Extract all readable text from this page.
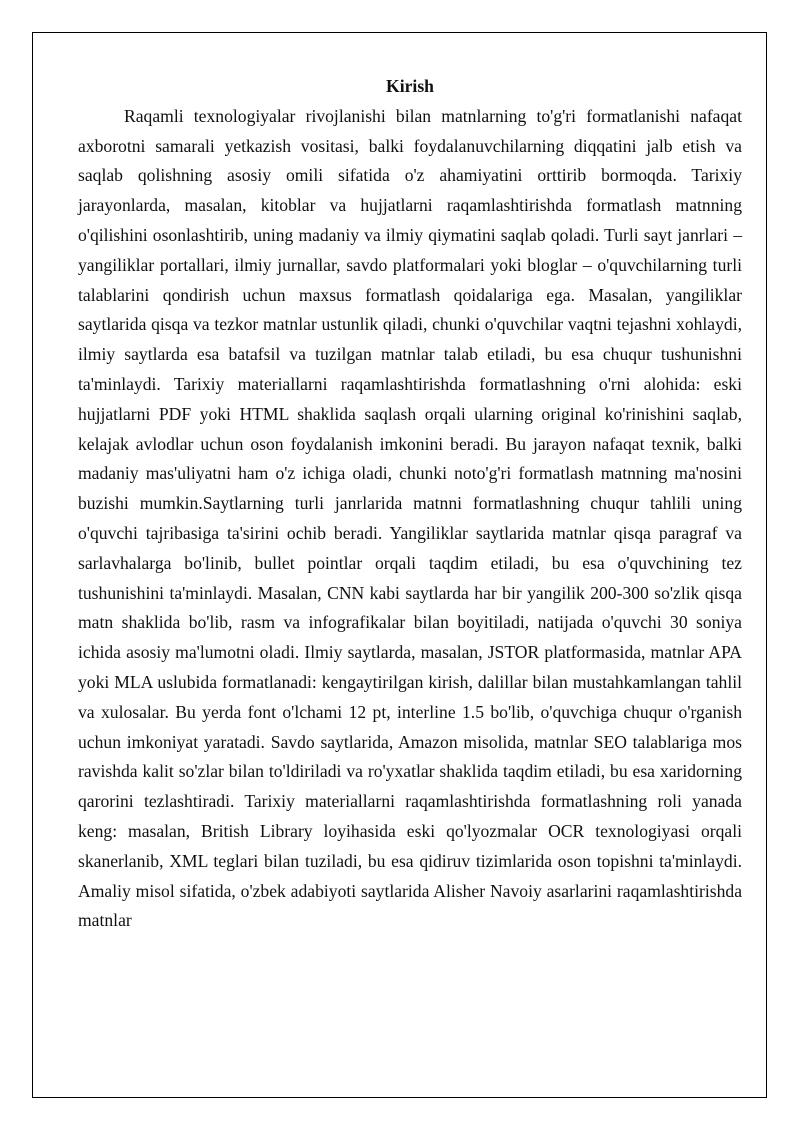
Kirish

Raqamli texnologiyalar rivojlanishi bilan matnlarning to'g'ri formatlanishi nafaqat axborotni samarali yetkazish vositasi, balki foydalanuvchilarning diqqatini jalb etish va saqlab qolishning asosiy omili sifatida o'z ahamiyatini orttirib bormoqda. Tarixiy jarayonlarda, masalan, kitoblar va hujjatlarni raqamlashtirishda formatlash matnning o'qilishini osonlashtirib, uning madaniy va ilmiy qiymatini saqlab qoladi. Turli sayt janrlari – yangiliklar portallari, ilmiy jurnallar, savdo platformalari yoki bloglar – o'quvchilarning turli talablarini qondirish uchun maxsus formatlash qoidalariga ega. Masalan, yangiliklar saytlarida qisqa va tezkor matnlar ustunlik qiladi, chunki o'quvchilar vaqtni tejashni xohlaydi, ilmiy saytlarda esa batafsil va tuzilgan matnlar talab etiladi, bu esa chuqur tushunishni ta'minlaydi. Tarixiy materiallarni raqamlashtirishda formatlashning o'rni alohida: eski hujjatlarni PDF yoki HTML shaklida saqlash orqali ularning original ko'rinishini saqlab, kelajak avlodlar uchun oson foydalanish imkonini beradi. Bu jarayon nafaqat texnik, balki madaniy mas'uliyatni ham o'z ichiga oladi, chunki noto'g'ri formatlash matnning ma'nosini buzishi mumkin.Saytlarning turli janrlarida matnni formatlashning chuqur tahlili uning o'quvchi tajribasiga ta'sirini ochib beradi. Yangiliklar saytlarida matnlar qisqa paragraf va sarlavhalarga bo'linib, bullet pointlar orqali taqdim etiladi, bu esa o'quvchining tez tushunishini ta'minlaydi. Masalan, CNN kabi saytlarda har bir yangilik 200-300 so'zlik qisqa matn shaklida bo'lib, rasm va infografikalar bilan boyitiladi, natijada o'quvchi 30 soniya ichida asosiy ma'lumotni oladi. Ilmiy saytlarda, masalan, JSTOR platformasida, matnlar APA yoki MLA uslubida formatlanadi: kengaytirilgan kirish, dalillar bilan mustahkamlangan tahlil va xulosalar. Bu yerda font o'lchami 12 pt, interline 1.5 bo'lib, o'quvchiga chuqur o'rganish uchun imkoniyat yaratadi. Savdo saytlarida, Amazon misolida, matnlar SEO talablariga mos ravishda kalit so'zlar bilan to'ldiriladi va ro'yxatlar shaklida taqdim etiladi, bu esa xaridorning qarorini tezlashtiradi. Tarixiy materiallarni raqamlashtirishda formatlashning roli yanada keng: masalan, British Library loyihasida eski qo'lyozmalar OCR texnologiyasi orqali skanerlanib, XML teglari bilan tuziladi, bu esa qidiruv tizimlarida oson topishni ta'minlaydi. Amaliy misol sifatida, o'zbek adabiyoti saytlarida Alisher Navoiy asarlarini raqamlashtirishda matnlar
